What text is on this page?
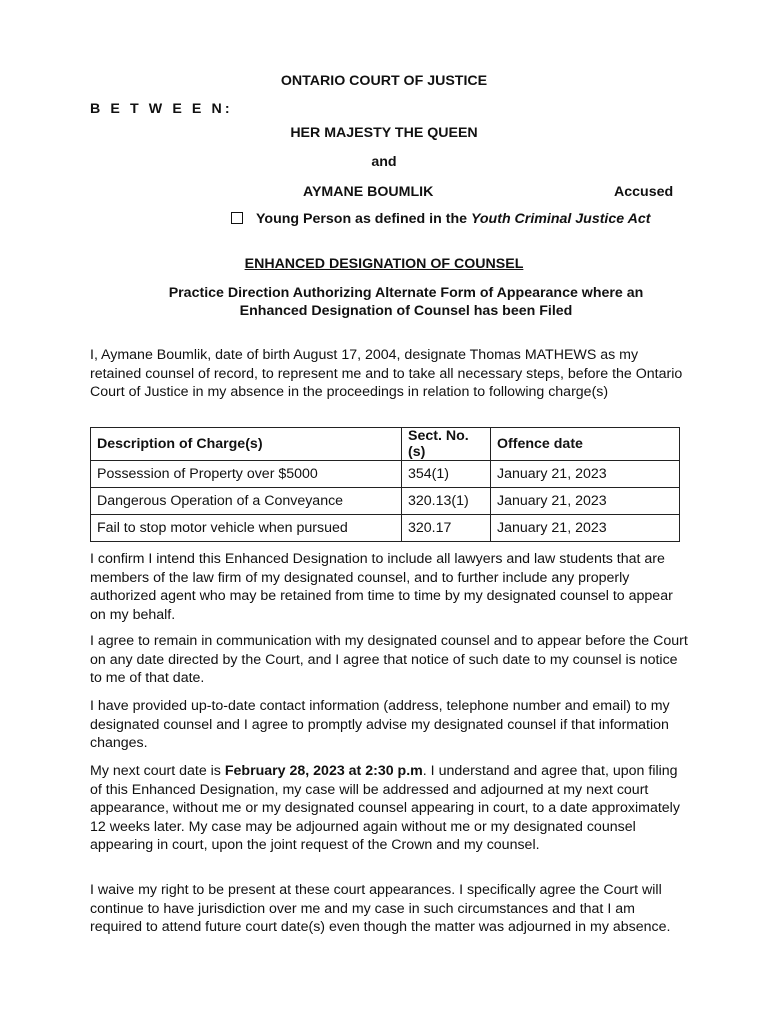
ONTARIO COURT OF JUSTICE
B E T W E E N:
HER MAJESTY THE QUEEN
and
AYMANE BOUMLIK	Accused
Young Person as defined in the Youth Criminal Justice Act
ENHANCED DESIGNATION OF COUNSEL
Practice Direction Authorizing Alternate Form of Appearance where an
Enhanced Designation of Counsel has been Filed
I, Aymane Boumlik, date of birth August 17, 2004, designate Thomas MATHEWS as my retained counsel of record, to represent me and to take all necessary steps, before the Ontario Court of Justice in my absence in the proceedings in relation to following charge(s)
Description of Charge(s)	Sect. No.(s)	Offence date
Possession of Property over $5000	354(1)	January 21, 2023
Dangerous Operation of a Conveyance	320.13(1)	January 21, 2023
Fail to stop motor vehicle when pursued	320.17	January 21, 2023
I confirm I intend this Enhanced Designation to include all lawyers and law students that are members of the law firm of my designated counsel, and to further include any properly authorized agent who may be retained from time to time by my designated counsel to appear on my behalf.
I agree to remain in communication with my designated counsel and to appear before the Court on any date directed by the Court, and I agree that notice of such date to my counsel is notice to me of that date.
I have provided up-to-date contact information (address, telephone number and email) to my designated counsel and I agree to promptly advise my designated counsel if that information changes.
My next court date is February 28, 2023 at 2:30 p.m. I understand and agree that, upon filing of this Enhanced Designation, my case will be addressed and adjourned at my next court appearance, without me or my designated counsel appearing in court, to a date approximately 12 weeks later. My case may be adjourned again without me or my designated counsel appearing in court, upon the joint request of the Crown and my counsel.
I waive my right to be present at these court appearances. I specifically agree the Court will continue to have jurisdiction over me and my case in such circumstances and that I am required to attend future court date(s) even though the matter was adjourned in my absence.
